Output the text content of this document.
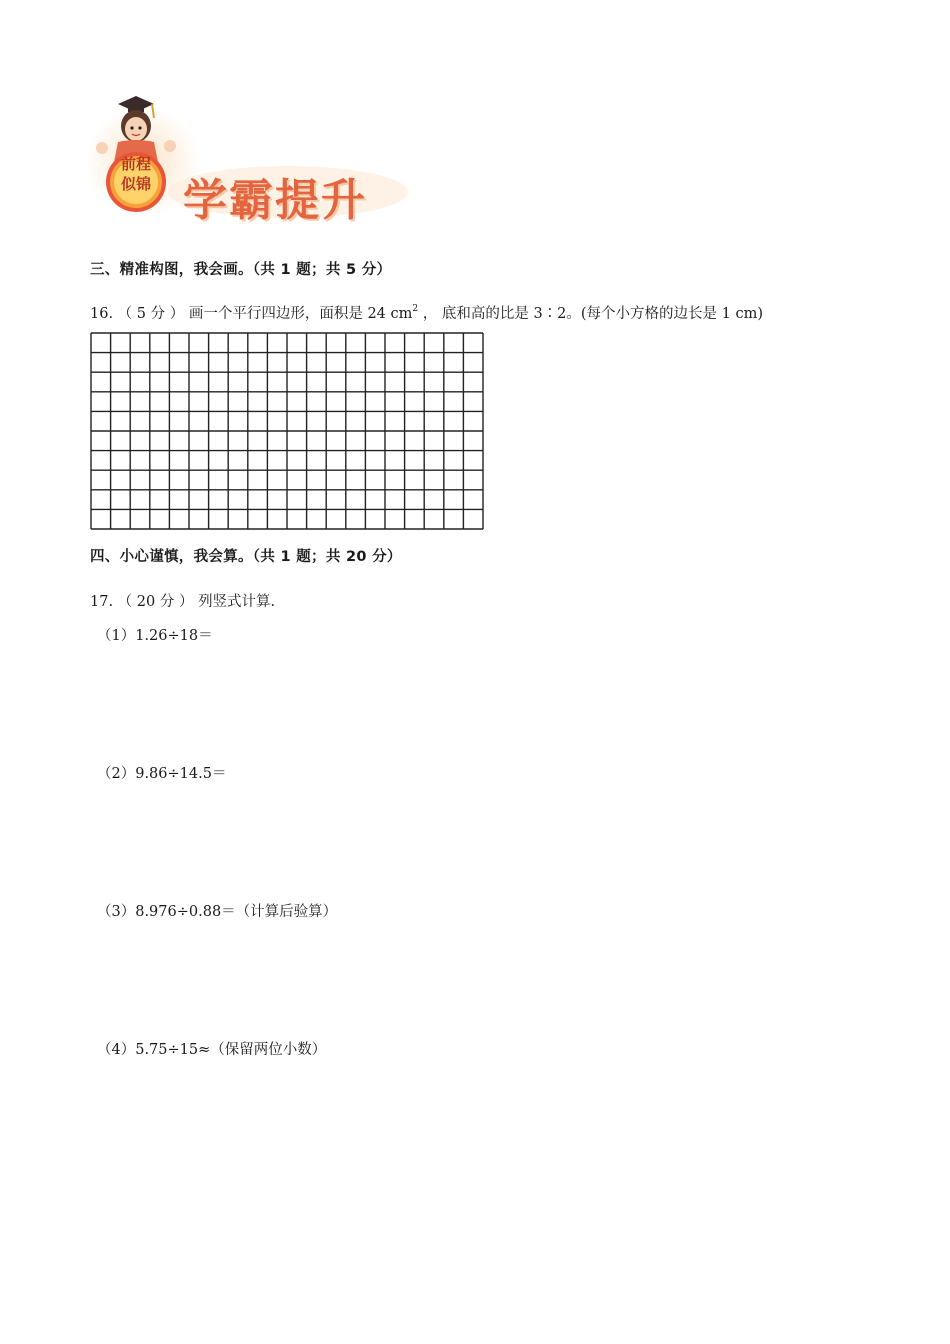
前程似锦 学霸提升
三、精准构图，我会画。（共 1 题；共 5 分）
16. （ 5 分 ） 画一个平行四边形，面积是 24 $cm^2$ ， 底和高的比是 3∶2。(每个小方格的边长是 1 cm)
四、小心谨慎，我会算。（共 1 题；共 20 分）
17. （ 20 分 ） 列竖式计算.
（1）1.26÷18＝
（2）9.86÷14.5＝
（3）8.976÷0.88＝（计算后验算）
（4）5.75÷15≈（保留两位小数）
